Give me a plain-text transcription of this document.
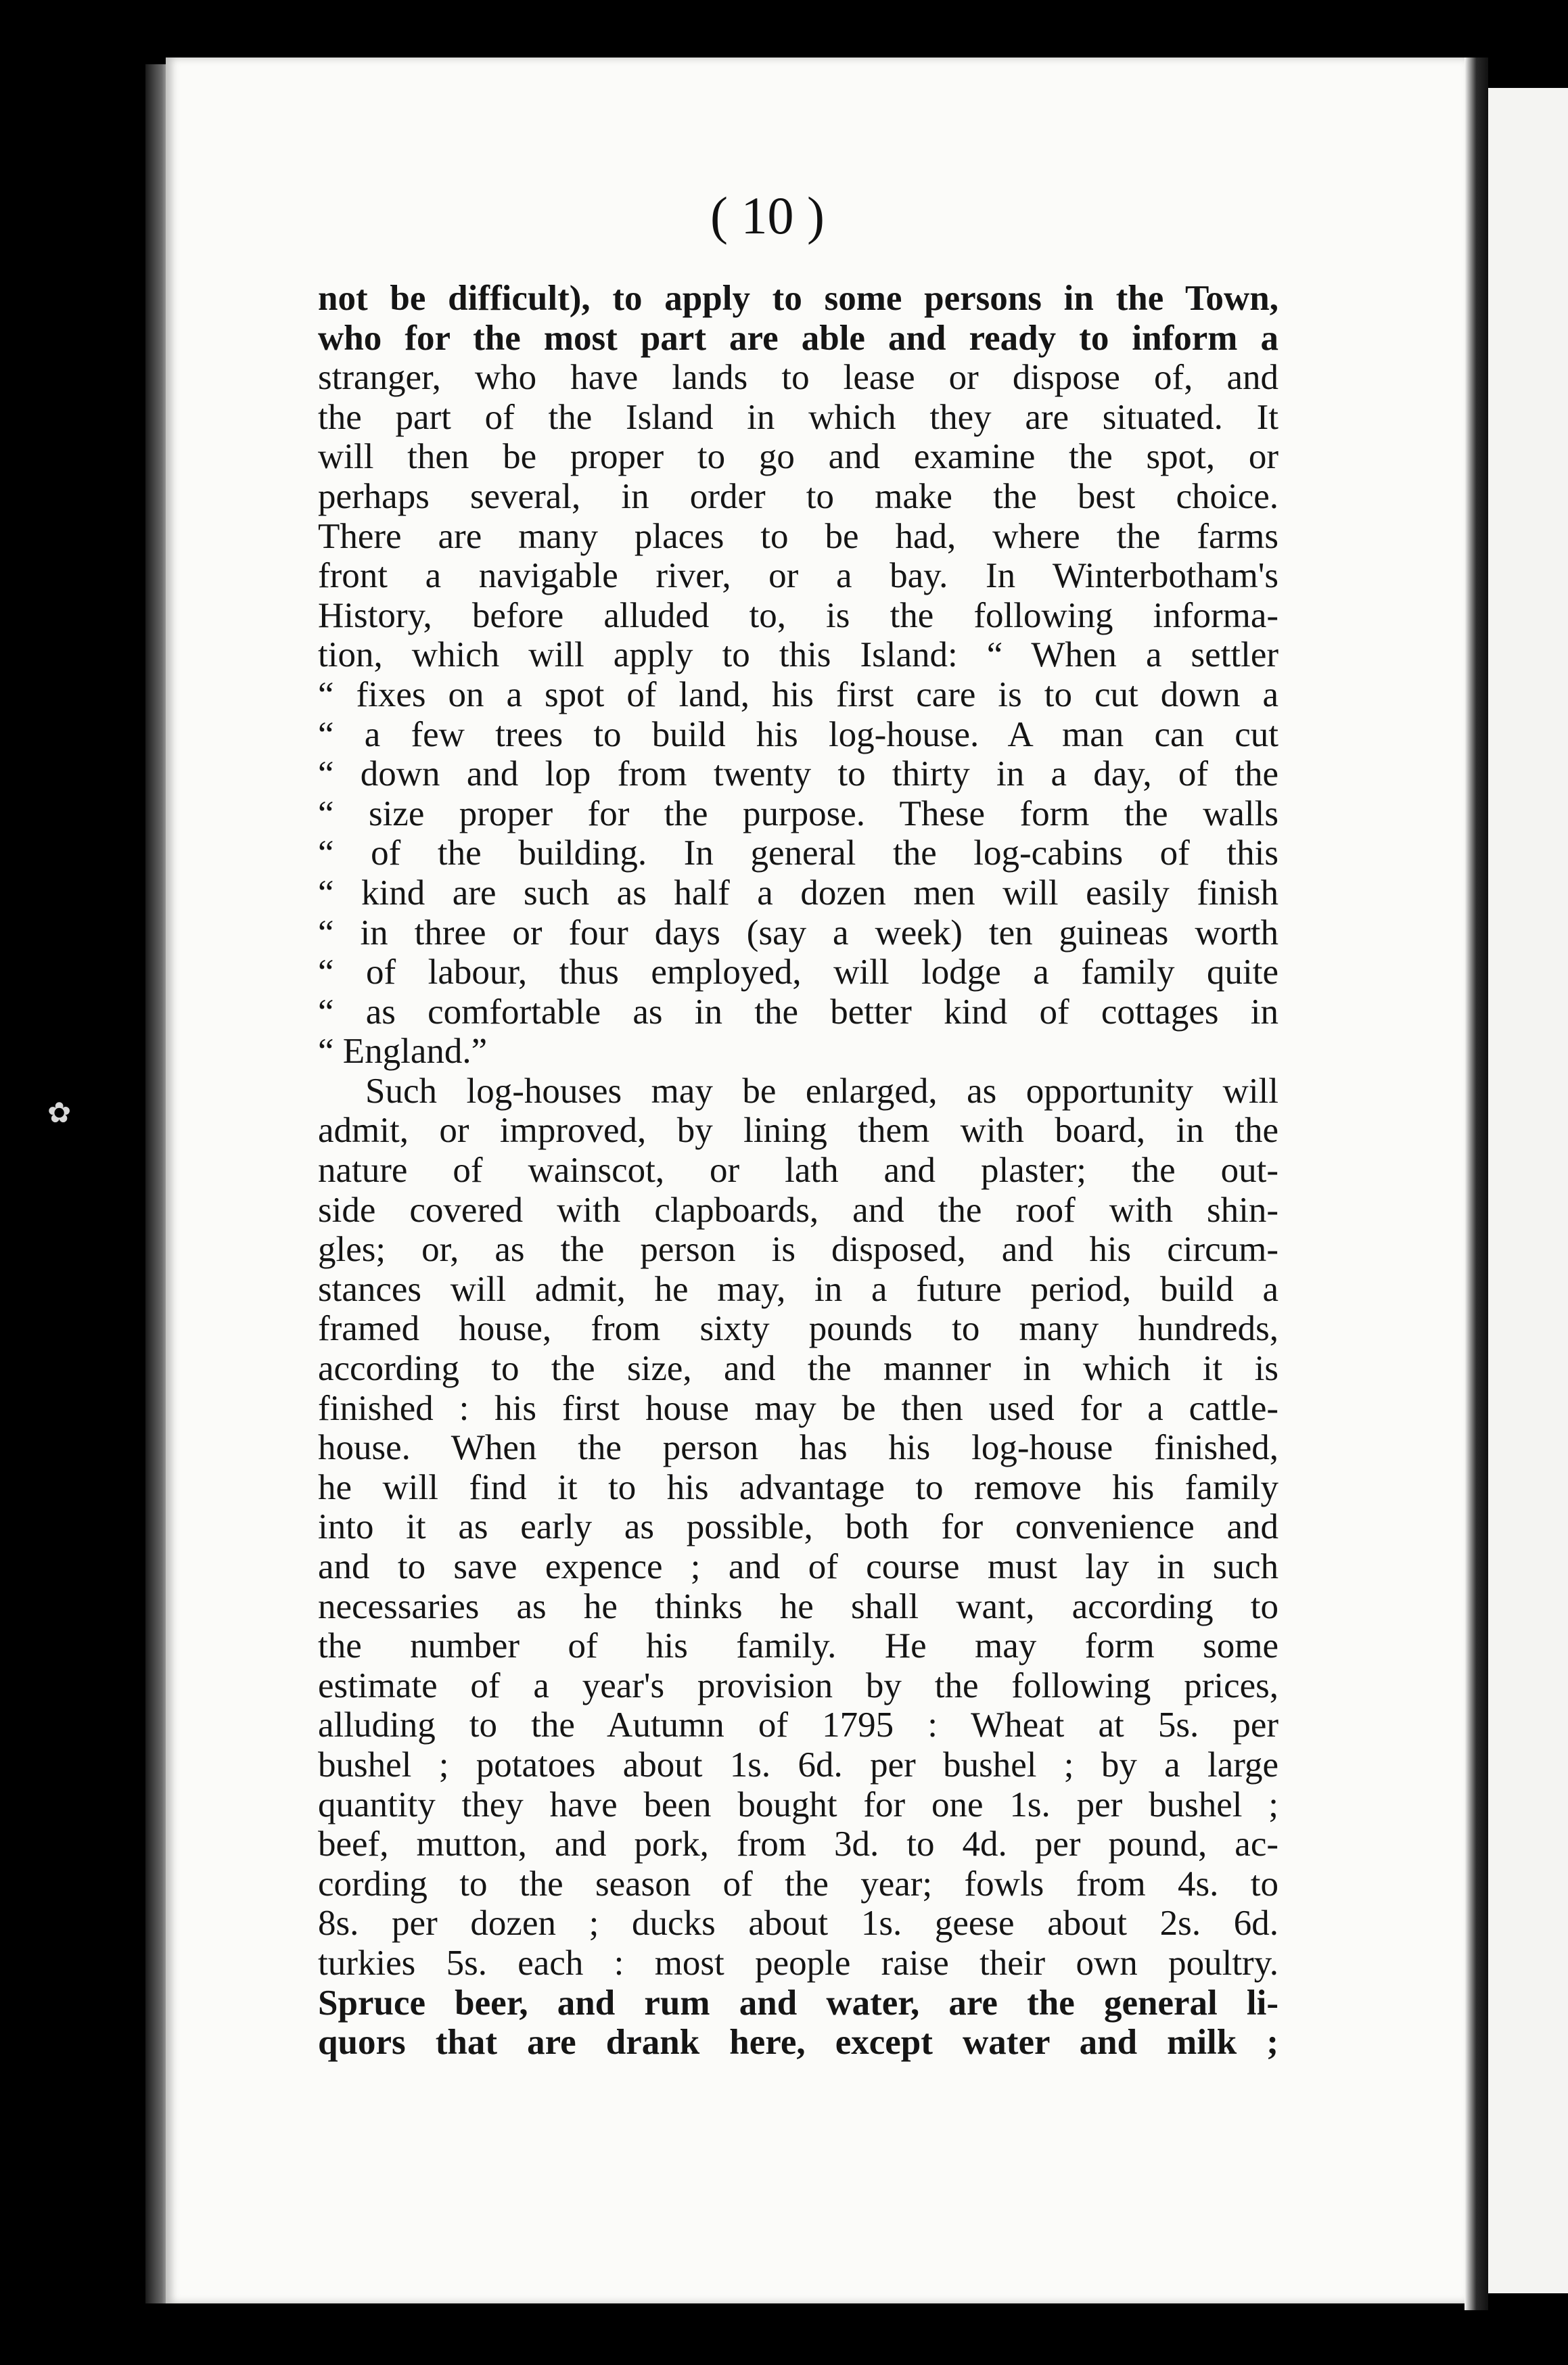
✿
( 10 )
not be difficult), to apply to some persons in the Town,
who for the most part are able and ready to inform a
stranger, who have lands to lease or dispose of, and
the part of the Island in which they are situated. It
will then be proper to go and examine the spot, or
perhaps several, in order to make the best choice.
There are many places to be had, where the farms
front a navigable river, or a bay. In Winterbotham's
History, before alluded to, is the following informa-
tion, which will apply to this Island: “ When a settler
“ fixes on a spot of land, his first care is to cut down a
“ a few trees to build his log-house. A man can cut
“ down and lop from twenty to thirty in a day, of the
“ size proper for the purpose. These form the walls
“ of the building. In general the log-cabins of this
“ kind are such as half a dozen men will easily finish
“ in three or four days (say a week) ten guineas worth
“ of labour, thus employed, will lodge a family quite
“ as comfortable as in the better kind of cottages in
“ England.”
Such log-houses may be enlarged, as opportunity will
admit, or improved, by lining them with board, in the
nature of wainscot, or lath and plaster; the out-
side covered with clapboards, and the roof with shin-
gles; or, as the person is disposed, and his circum-
stances will admit, he may, in a future period, build a
framed house, from sixty pounds to many hundreds,
according to the size, and the manner in which it is
finished : his first house may be then used for a cattle-
house. When the person has his log-house finished,
he will find it to his advantage to remove his family
into it as early as possible, both for convenience and
and to save expence ; and of course must lay in such
necessaries as he thinks he shall want, according to
the number of his family. He may form some
estimate of a year's provision by the following prices,
alluding to the Autumn of 1795 : Wheat at 5s. per
bushel ; potatoes about 1s. 6d. per bushel ; by a large
quantity they have been bought for one 1s. per bushel ;
beef, mutton, and pork, from 3d. to 4d. per pound, ac-
cording to the season of the year; fowls from 4s. to
8s. per dozen ; ducks about 1s. geese about 2s. 6d.
turkies 5s. each : most people raise their own poultry.
Spruce beer, and rum and water, are the general li-
quors that are drank here, except water and milk ;
